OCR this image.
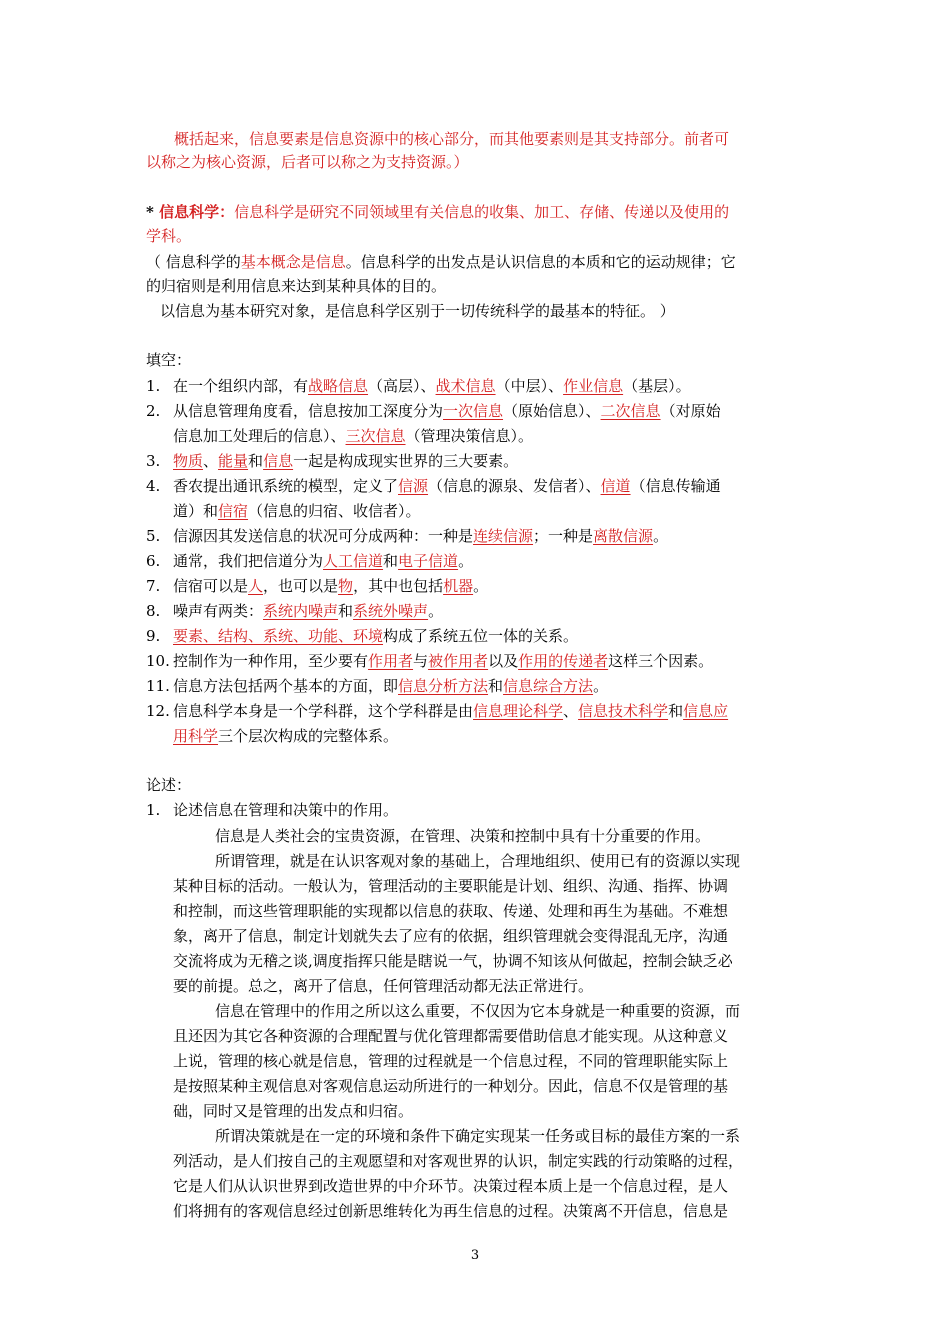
概括起来，信息要素是信息资源中的核心部分，而其他要素则是其支持部分。前者可
以称之为核心资源，后者可以称之为支持资源。）
* 信息科学：信息科学是研究不同领域里有关信息的收集、加工、存储、传递以及使用的
学科。
（ 信息科学的基本概念是信息。信息科学的出发点是认识信息的本质和它的运动规律；它
的归宿则是利用信息来达到某种具体的目的。
以信息为基本研究对象，是信息科学区别于一切传统科学的最基本的特征。 ）
填空：
1. 在一个组织内部，有战略信息（高层）、战术信息（中层）、作业信息（基层）。
2. 从信息管理角度看，信息按加工深度分为一次信息（原始信息）、二次信息（对原始
信息加工处理后的信息）、三次信息（管理决策信息）。
3. 物质、能量和信息一起是构成现实世界的三大要素。
4. 香农提出通讯系统的模型，定义了信源（信息的源泉、发信者）、信道（信息传输通
道）和信宿（信息的归宿、收信者）。
5. 信源因其发送信息的状况可分成两种：一种是连续信源；一种是离散信源。
6. 通常，我们把信道分为人工信道和电子信道。
7. 信宿可以是人，也可以是物，其中也包括机器。
8. 噪声有两类：系统内噪声和系统外噪声。
9. 要素、结构、系统、功能、环境构成了系统五位一体的关系。
10. 控制作为一种作用，至少要有作用者与被作用者以及作用的传递者这样三个因素。
11. 信息方法包括两个基本的方面，即信息分析方法和信息综合方法。
12. 信息科学本身是一个学科群，这个学科群是由信息理论科学、信息技术科学和信息应
用科学三个层次构成的完整体系。
论述：
1. 论述信息在管理和决策中的作用。
信息是人类社会的宝贵资源，在管理、决策和控制中具有十分重要的作用。
所谓管理，就是在认识客观对象的基础上，合理地组织、使用已有的资源以实现
某种目标的活动。一般认为，管理活动的主要职能是计划、组织、沟通、指挥、协调
和控制，而这些管理职能的实现都以信息的获取、传递、处理和再生为基础。不难想
象，离开了信息，制定计划就失去了应有的依据，组织管理就会变得混乱无序，沟通
交流将成为无稽之谈,调度指挥只能是瞎说一气，协调不知该从何做起，控制会缺乏必
要的前提。总之，离开了信息，任何管理活动都无法正常进行。
信息在管理中的作用之所以这么重要，不仅因为它本身就是一种重要的资源，而
且还因为其它各种资源的合理配置与优化管理都需要借助信息才能实现。从这种意义
上说，管理的核心就是信息，管理的过程就是一个信息过程，不同的管理职能实际上
是按照某种主观信息对客观信息运动所进行的一种划分。因此，信息不仅是管理的基
础，同时又是管理的出发点和归宿。
所谓决策就是在一定的环境和条件下确定实现某一任务或目标的最佳方案的一系
列活动，是人们按自己的主观愿望和对客观世界的认识，制定实践的行动策略的过程，
它是人们从认识世界到改造世界的中介环节。决策过程本质上是一个信息过程，是人
们将拥有的客观信息经过创新思维转化为再生信息的过程。决策离不开信息，信息是
3
